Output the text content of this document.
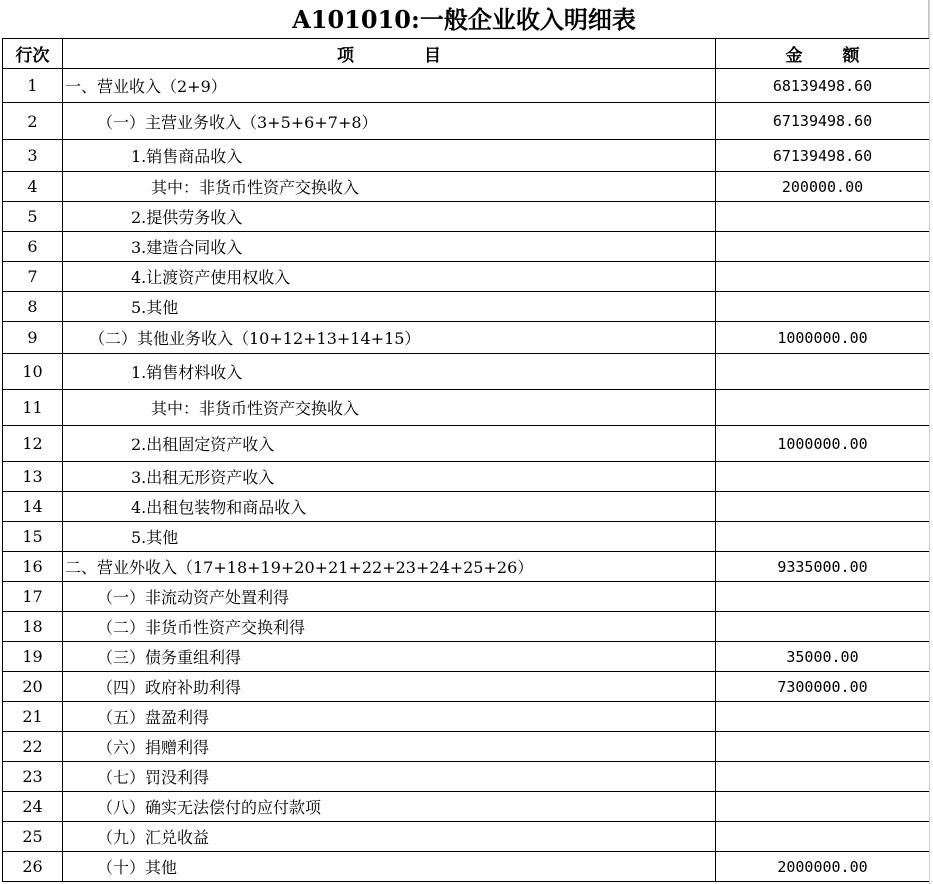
A101010:一般企业收入明细表
行次	项 目	金 额
1	一、营业收入（2+9）	68139498.60
2	（一）主营业务收入（3+5+6+7+8）	67139498.60
3	1.销售商品收入	67139498.60
4	其中：非货币性资产交换收入	200000.00
5	2.提供劳务收入	
6	3.建造合同收入	
7	4.让渡资产使用权收入	
8	5.其他	
9	（二）其他业务收入（10+12+13+14+15）	1000000.00
10	1.销售材料收入	
11	其中：非货币性资产交换收入	
12	2.出租固定资产收入	1000000.00
13	3.出租无形资产收入	
14	4.出租包装物和商品收入	
15	5.其他	
16	二、营业外收入（17+18+19+20+21+22+23+24+25+26）	9335000.00
17	（一）非流动资产处置利得	
18	（二）非货币性资产交换利得	
19	（三）债务重组利得	35000.00
20	（四）政府补助利得	7300000.00
21	（五）盘盈利得	
22	（六）捐赠利得	
23	（七）罚没利得	
24	（八）确实无法偿付的应付款项	
25	（九）汇兑收益	
26	（十）其他	2000000.00
